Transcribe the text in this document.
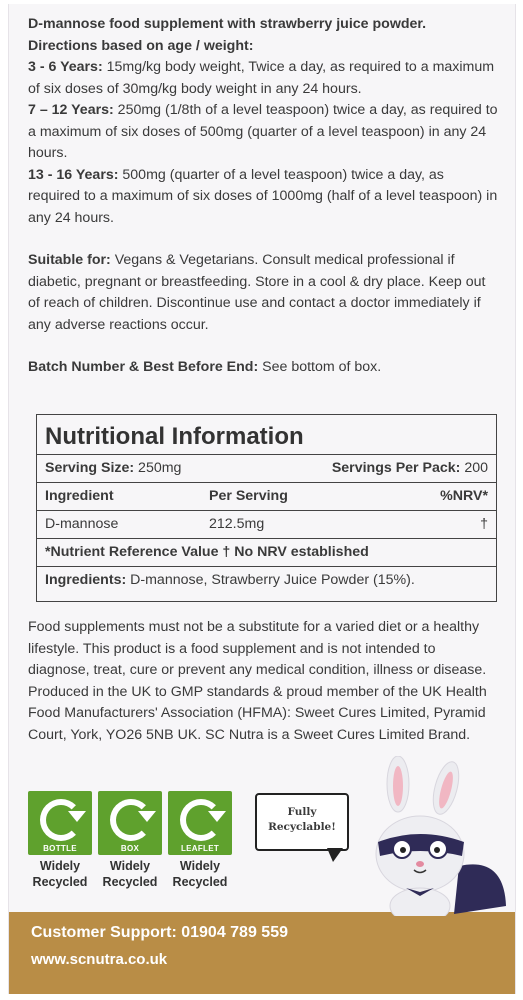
D-mannose food supplement with strawberry juice powder.

Directions based on age / weight:

3 - 6 Years: 15mg/kg body weight, Twice a day, as required to a maximum of six doses of 30mg/kg body weight in any 24 hours.

7 – 12 Years: 250mg (1/8th of a level teaspoon) twice a day, as required to a maximum of six doses of 500mg (quarter of a level teaspoon) in any 24 hours.

13 - 16 Years: 500mg (quarter of a level teaspoon) twice a day, as required to a maximum of six doses of 1000mg (half of a level teaspoon) in any 24 hours.

Suitable for: Vegans & Vegetarians. Consult medical professional if diabetic, pregnant or breastfeeding. Store in a cool & dry place. Keep out of reach of children. Discontinue use and contact a doctor immediately if any adverse reactions occur.

Batch Number & Best Before End: See bottom of box.

Nutritional Information
Serving Size: 250mg	Servings Per Pack: 200
Ingredient	Per Serving	%NRV*
D-mannose	212.5mg	†
*Nutrient Reference Value † No NRV established
Ingredients: D-mannose, Strawberry Juice Powder (15%).
Food supplements must not be a substitute for a varied diet or a healthy lifestyle. This product is a food supplement and is not intended to diagnose, treat, cure or prevent any medical condition, illness or disease. Produced in the UK to GMP standards & proud member of the UK Health Food Manufacturers' Association (HFMA): Sweet Cures Limited, Pyramid Court, York, YO26 5NB UK. SC Nutra is a Sweet Cures Limited Brand.
BOTTLE
Widely
Recycled
BOX
Widely
Recycled
LEAFLET
Widely
Recycled
Fully
Recyclable!
Customer Support: 01904 789 559
www.scnutra.co.uk
